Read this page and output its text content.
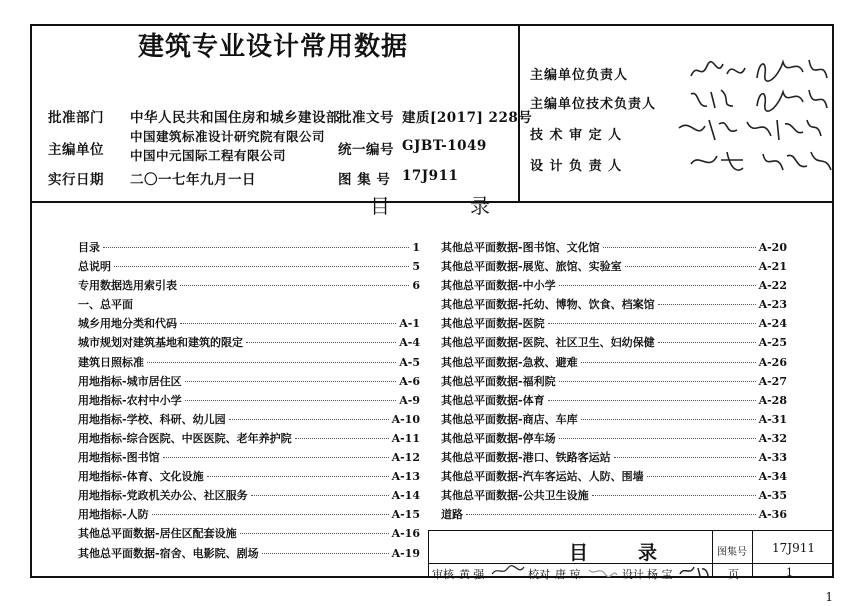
建筑专业设计常用数据
批准部门 中华人民共和国住房和城乡建设部
批准文号 建质[2017] 228号
主编单位
中国建筑标准设计研究院有限公司
中国中元国际工程有限公司	统一编号 GJBT-1049
实行日期 二〇一七年九月一日	图 集 号 17J911
主编单位负责人
主编单位技术负责人
技 术 审 定 人
设 计 负 责 人
目	录
目录	1
总说明	5
专用数据选用索引表	6
一、总平面
城乡用地分类和代码	A-1
城市规划对建筑基地和建筑的限定	A-4
建筑日照标准	A-5
用地指标-城市居住区	A-6
用地指标-农村中小学	A-9
用地指标-学校、科研、幼儿园	A-10
用地指标-综合医院、中医医院、老年养护院	A-11
用地指标-图书馆	A-12
用地指标-体育、文化设施	A-13
用地指标-党政机关办公、社区服务	A-14
用地指标-人防	A-15
其他总平面数据-居住区配套设施	A-16
其他总平面数据-宿舍、电影院、剧场	A-19
其他总平面数据-图书馆、文化馆	A-20
其他总平面数据-展览、旅馆、实验室	A-21
其他总平面数据-中小学	A-22
其他总平面数据-托幼、博物、饮食、档案馆	A-23
其他总平面数据-医院	A-24
其他总平面数据-医院、社区卫生、妇幼保健	A-25
其他总平面数据-急救、避难	A-26
其他总平面数据-福利院	A-27
其他总平面数据-体育	A-28
其他总平面数据-商店、车库	A-31
其他总平面数据-停车场	A-32
其他总平面数据-港口、铁路客运站	A-33
其他总平面数据-汽车客运站、人防、围墙	A-34
其他总平面数据-公共卫生设施	A-35
道路	A-36
目	录	图集号 17J911
审核 黄 强	校对 唐 琼	设计 杨 宝	页	1
1
